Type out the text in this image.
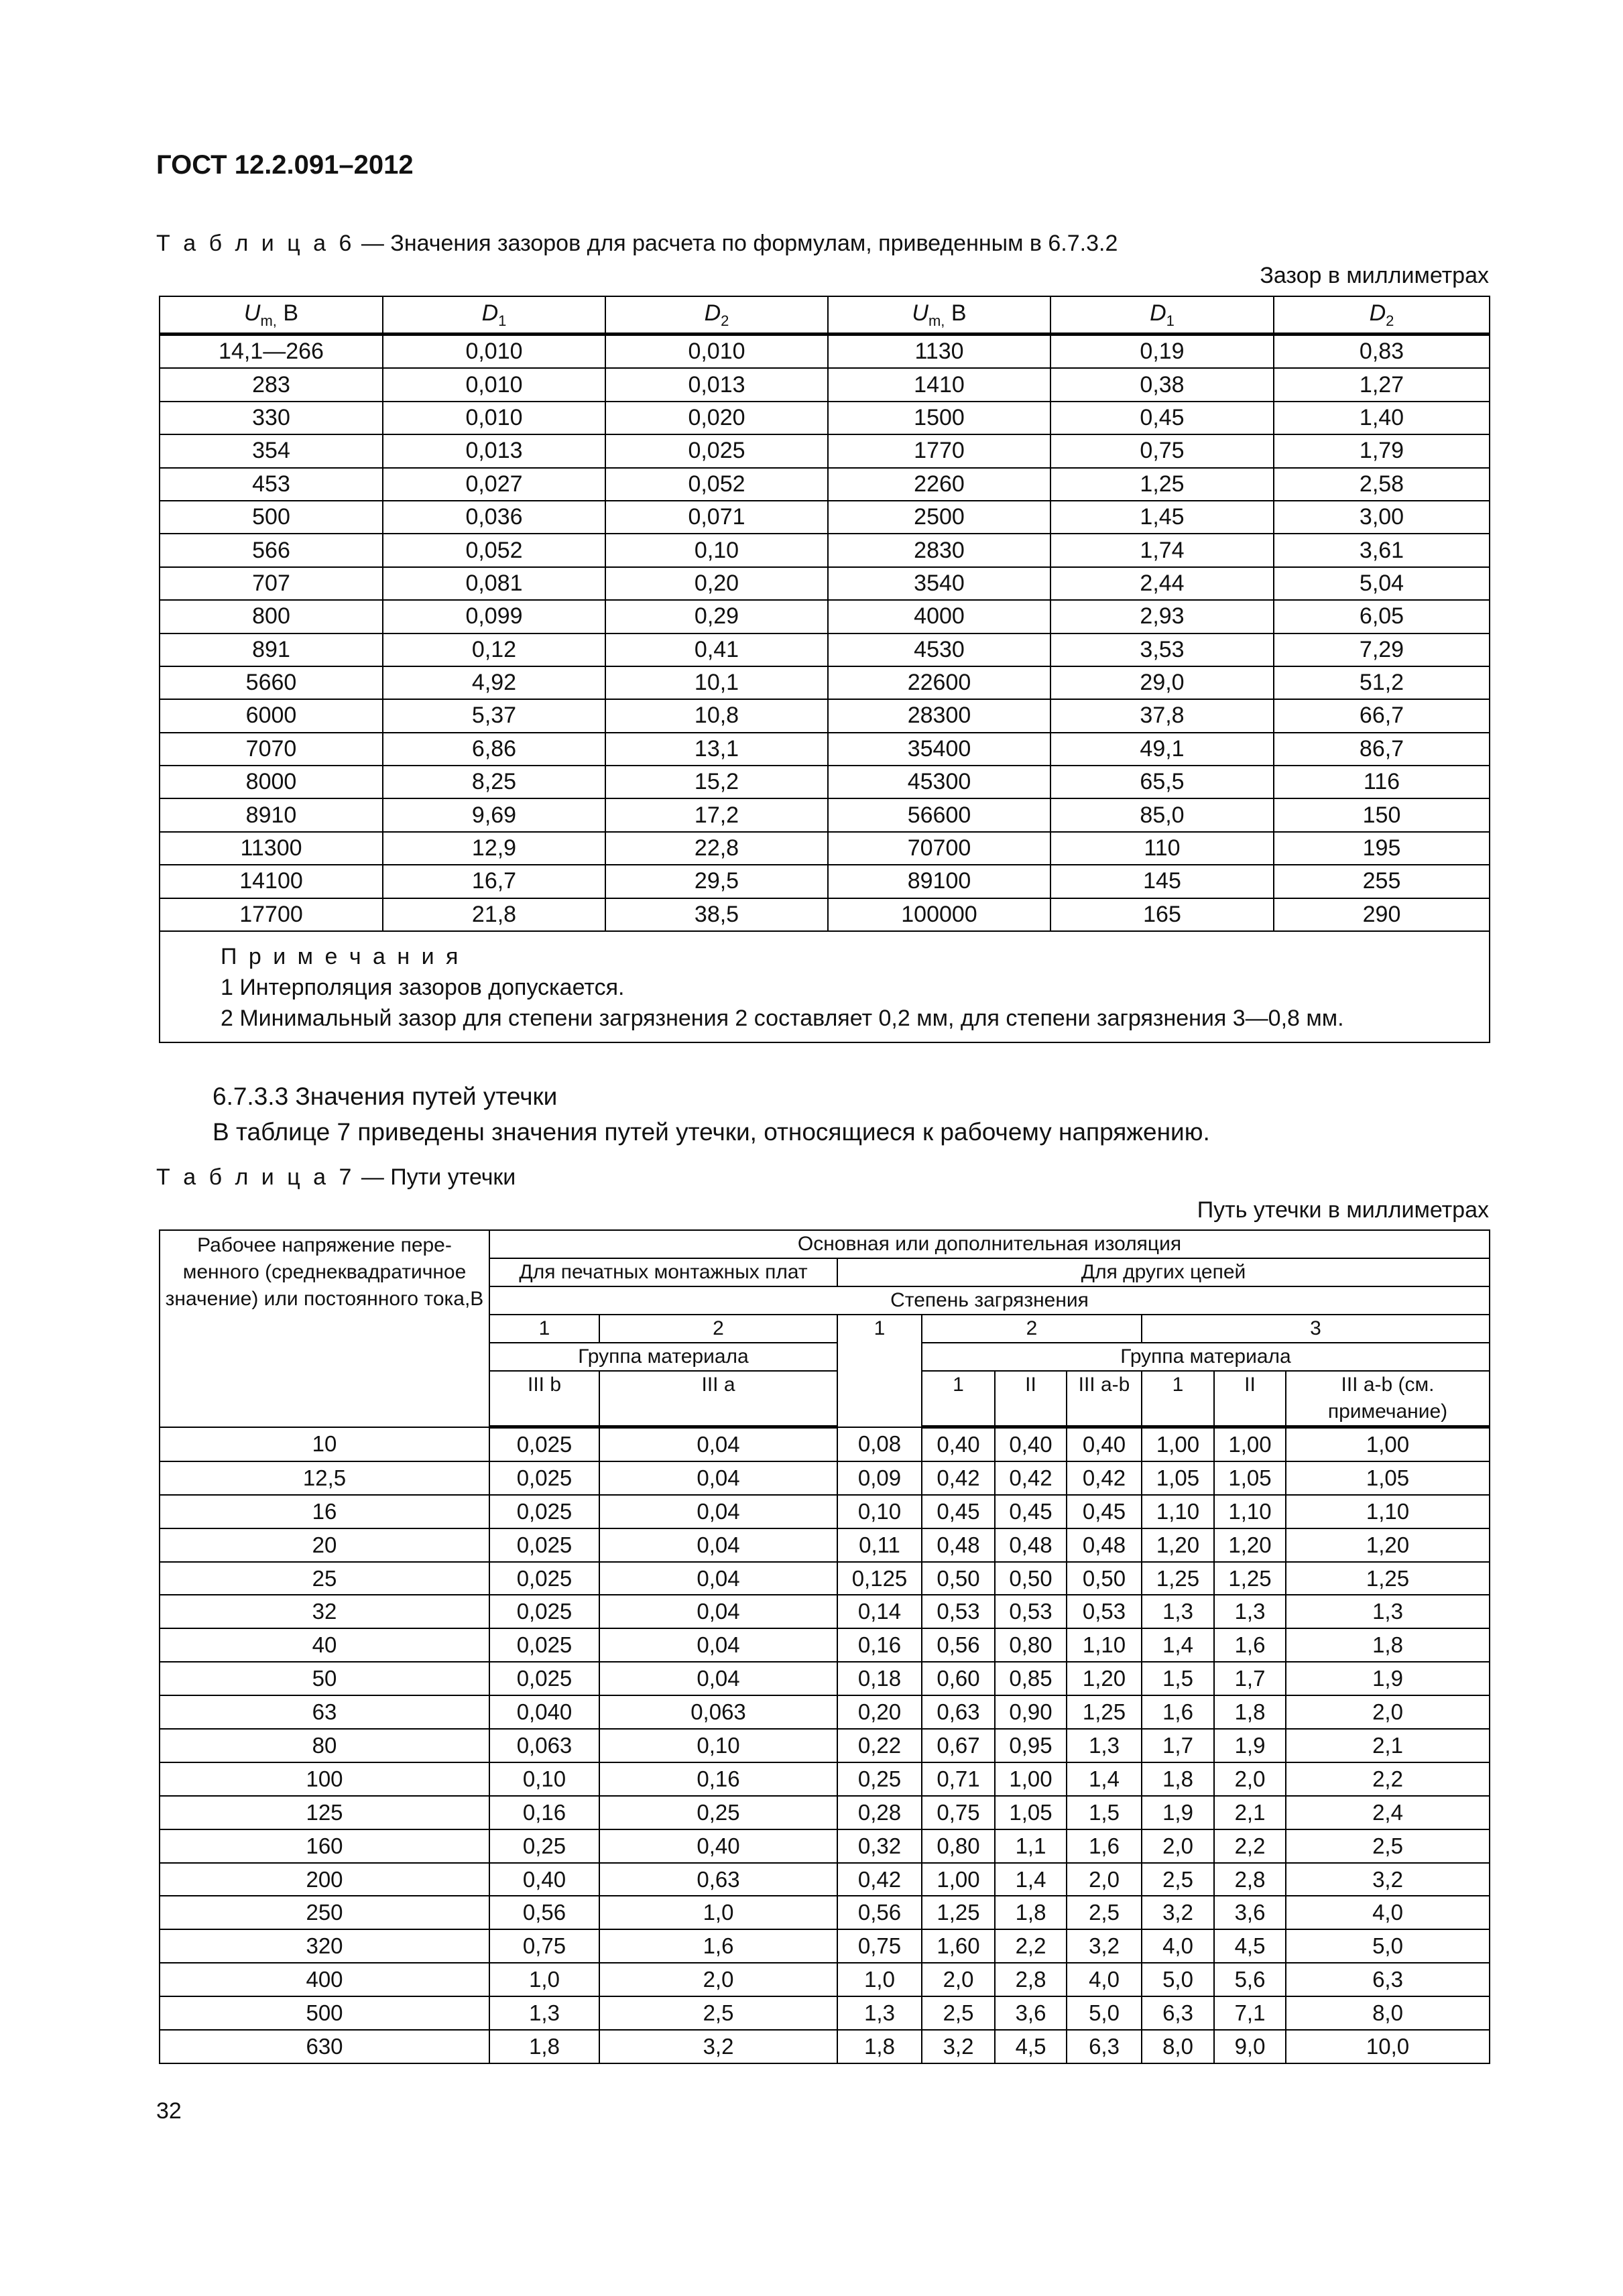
ГОСТ 12.2.091–2012
Т а б л и ц а 6 — Значения зазоров для расчета по формулам, приведенным в 6.7.3.2
Зазор в миллиметрах
$U_{m,}$ В	$D_1$	$D_2$	$U_{m,}$ В	$D_1$	$D_2$
14,1—266	0,010	0,010	1130	0,19	0,83
283	0,010	0,013	1410	0,38	1,27
330	0,010	0,020	1500	0,45	1,40
354	0,013	0,025	1770	0,75	1,79
453	0,027	0,052	2260	1,25	2,58
500	0,036	0,071	2500	1,45	3,00
566	0,052	0,10	2830	1,74	3,61
707	0,081	0,20	3540	2,44	5,04
800	0,099	0,29	4000	2,93	6,05
891	0,12	0,41	4530	3,53	7,29
5660	4,92	10,1	22600	29,0	51,2
6000	5,37	10,8	28300	37,8	66,7
7070	6,86	13,1	35400	49,1	86,7
8000	8,25	15,2	45300	65,5	116
8910	9,69	17,2	56600	85,0	150
11300	12,9	22,8	70700	110	195
14100	16,7	29,5	89100	145	255
17700	21,8	38,5	100000	165	290

П р и м е ч а н и я
1 Интерполяция зазоров допускается.
2 Минимальный зазор для степени загрязнения 2 составляет 0,2 мм, для степени загрязнения 3—0,8 мм.					
6.7.3.3 Значения путей утечки
В таблице 7 приведены значения путей утечки, относящиеся к рабочему напряжению.
Т а б л и ц а 7 — Пути утечки
Путь утечки в миллиметрах
Рабочее напряжение пере-менного (среднеквадратичное значение) или постоянного тока,В	Основная или дополнительная изоляция								
	Для печатных монтажных плат		Для других цепей						
	Степень загрязнения								
	1	2	1	2			3		
	Группа материала			Группа материала					
	III b	III a		1	II	III a-b	1	II	III a-b (см. примечание)
10	0,025	0,04	0,08	0,40	0,40	0,40	1,00	1,00	1,00
12,5	0,025	0,04	0,09	0,42	0,42	0,42	1,05	1,05	1,05
16	0,025	0,04	0,10	0,45	0,45	0,45	1,10	1,10	1,10
20	0,025	0,04	0,11	0,48	0,48	0,48	1,20	1,20	1,20
25	0,025	0,04	0,125	0,50	0,50	0,50	1,25	1,25	1,25
32	0,025	0,04	0,14	0,53	0,53	0,53	1,3	1,3	1,3
40	0,025	0,04	0,16	0,56	0,80	1,10	1,4	1,6	1,8
50	0,025	0,04	0,18	0,60	0,85	1,20	1,5	1,7	1,9
63	0,040	0,063	0,20	0,63	0,90	1,25	1,6	1,8	2,0
80	0,063	0,10	0,22	0,67	0,95	1,3	1,7	1,9	2,1
100	0,10	0,16	0,25	0,71	1,00	1,4	1,8	2,0	2,2
125	0,16	0,25	0,28	0,75	1,05	1,5	1,9	2,1	2,4
160	0,25	0,40	0,32	0,80	1,1	1,6	2,0	2,2	2,5
200	0,40	0,63	0,42	1,00	1,4	2,0	2,5	2,8	3,2
250	0,56	1,0	0,56	1,25	1,8	2,5	3,2	3,6	4,0
320	0,75	1,6	0,75	1,60	2,2	3,2	4,0	4,5	5,0
400	1,0	2,0	1,0	2,0	2,8	4,0	5,0	5,6	6,3
500	1,3	2,5	1,3	2,5	3,6	5,0	6,3	7,1	8,0
630	1,8	3,2	1,8	3,2	4,5	6,3	8,0	9,0	10,0
32
